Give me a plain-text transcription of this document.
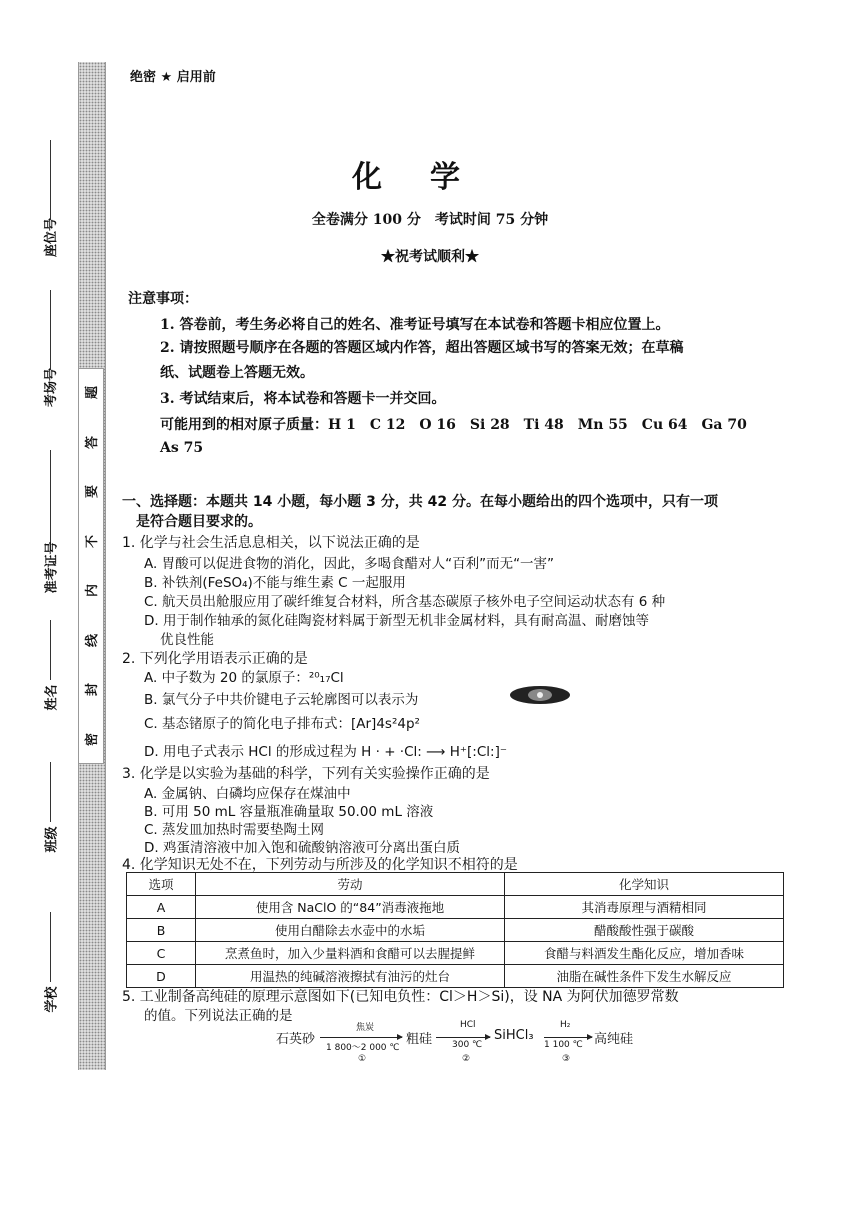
题
答
要
不
内
线
封
密
座位号
考场号
准考证号
姓名
班级
学校
绝密 ★ 启用前
化学
全卷满分 100 分　考试时间 75 分钟
★祝考试顺利★
注意事项：
1. 答卷前，考生务必将自己的姓名、准考证号填写在本试卷和答题卡相应位置上。
2. 请按照题号顺序在各题的答题区域内作答，超出答题区域书写的答案无效；在草稿
纸、试题卷上答题无效。
3. 考试结束后，将本试卷和答题卡一并交回。
可能用到的相对原子质量：H 1　C 12　O 16　Si 28　Ti 48　Mn 55　Cu 64　Ga 70
As 75
一、选择题：本题共 14 小题，每小题 3 分，共 42 分。在每小题给出的四个选项中，只有一项
是符合题目要求的。
1. 化学与社会生活息息相关，以下说法正确的是
A. 胃酸可以促进食物的消化，因此，多喝食醋对人“百利”而无“一害”
B. 补铁剂(FeSO₄)不能与维生素 C 一起服用
C. 航天员出舱服应用了碳纤维复合材料，所含基态碳原子核外电子空间运动状态有 6 种
D. 用于制作轴承的氮化硅陶瓷材料属于新型无机非金属材料，具有耐高温、耐磨蚀等
优良性能
2. 下列化学用语表示正确的是
A. 中子数为 20 的氯原子：²⁰₁₇Cl
B. 氯气分子中共价键电子云轮廓图可以表示为
C. 基态锗原子的简化电子排布式：[Ar]4s²4p²
D. 用电子式表示 HCl 的形成过程为 H · + ·Cl: ⟶ H⁺[:Cl:]⁻
3. 化学是以实验为基础的科学，下列有关实验操作正确的是
A. 金属钠、白磷均应保存在煤油中
B. 可用 50 mL 容量瓶准确量取 50.00 mL 溶液
C. 蒸发皿加热时需要垫陶土网
D. 鸡蛋清溶液中加入饱和硫酸钠溶液可分离出蛋白质
4. 化学知识无处不在，下列劳动与所涉及的化学知识不相符的是
选项	劳动	化学知识
A	使用含 NaClO 的“84”消毒液拖地	其消毒原理与酒精相同
B	使用白醋除去水壶中的水垢	醋酸酸性强于碳酸
C	烹煮鱼时，加入少量料酒和食醋可以去腥提鲜	食醋与料酒发生酯化反应，增加香味
D	用温热的纯碱溶液擦拭有油污的灶台	油脂在碱性条件下发生水解反应
5. 工业制备高纯硅的原理示意图如下(已知电负性：Cl＞H＞Si)，设 NA 为阿伏加德罗常数
的值。下列说法正确的是
石英砂
焦炭
1 800～2 000 ℃
①
粗硅
HCl
300 ℃
②
SiHCl₃
H₂
1 100 ℃
③
高纯硅
